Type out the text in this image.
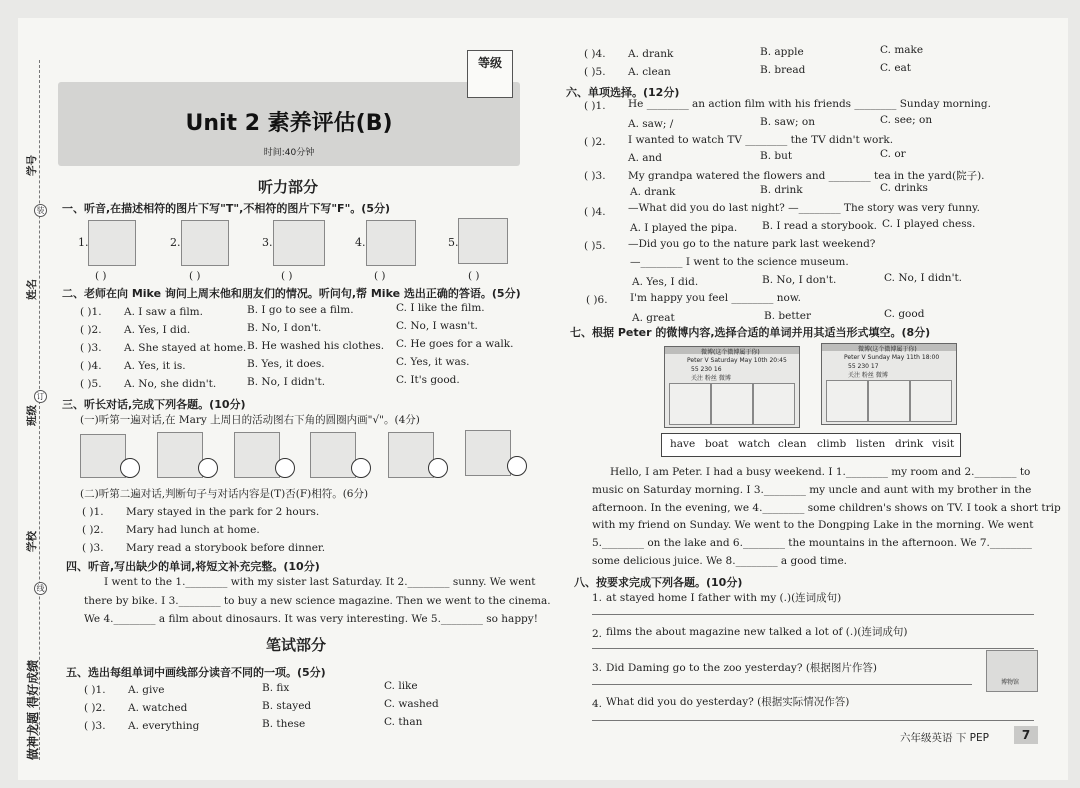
学号
姓名
班级
学校
做神龙题 得好成绩
装
订
线
Unit 2 素养评估(B)
时间:40分钟
等级
听力部分
一、听音,在描述相符的图片下写"T",不相符的图片下写"F"。(5分)
1.
( )
2.
( )
3.
( )
4.
( )
5.
( )
二、老师在向 Mike 询问上周末他和朋友们的情况。听问句,帮 Mike 选出正确的答语。(5分)
( )1. A. I saw a film.	B. I go to see a film.	C. I like the film.
( )2. A. Yes, I did.	B. No, I don't.	C. No, I wasn't.
( )3. A. She stayed at home. B. He washed his clothes. C. He goes for a walk.
( )4. A. Yes, it is.	B. Yes, it does.	C. Yes, it was.
( )5. A. No, she didn't.	B. No, I didn't.	C. It's good.
三、听长对话,完成下列各题。(10分)
(一)听第一遍对话,在 Mary 上周日的活动图右下角的圆圈内画"√"。(4分)
(二)听第二遍对话,判断句子与对话内容是(T)否(F)相符。(6分)
( )1. Mary stayed in the park for 2 hours.
( )2. Mary had lunch at home.
( )3. Mary read a storybook before dinner.
四、听音,写出缺少的单词,将短文补充完整。(10分)
I went to the 1.________ with my sister last Saturday. It 2.________ sunny. We went
there by bike. I 3.________ to buy a new science magazine. Then we went to the cinema.
We 4.________ a film about dinosaurs. It was very interesting. We 5.________ so happy!
笔试部分
五、选出每组单词中画线部分读音不同的一项。(5分)
( )1. A. give	B. fix	C. like
( )2. A. watched	B. stayed	C. washed
( )3. A. everything	B. these	C. than
( )4. A. drank	B. apple	C. make
( )5. A. clean	B. bread	C. eat
六、单项选择。(12分)
( )1. He ________ an action film with his friends ________ Sunday morning.
A. saw; /	B. saw; on	C. see; on
( )2. I wanted to watch TV ________ the TV didn't work.
A. and	B. but	C. or
( )3. My grandpa watered the flowers and ________ tea in the yard(院子).
A. drank	B. drink	C. drinks
( )4. —What did you do last night? —________ The story was very funny.
A. I played the pipa. B. I read a storybook. C. I played chess.
( )5. —Did you go to the nature park last weekend?
—________ I went to the science museum.
A. Yes, I did.	B. No, I don't.	C. No, I didn't.
( )6. I'm happy you feel ________ now.
A. great	B. better	C. good
七、根据 Peter 的微博内容,选择合适的单词并用其适当形式填空。(8分)
微博(这个微博属于你)
Peter V Saturday May 10th 20:45
55 230 16
关注 粉丝 微博
微博(这个微博属于你)
Peter V Sunday May 11th 18:00
55 230 17
关注 粉丝 微博
have boat watch clean climb listen drink visit
Hello, I am Peter. I had a busy weekend. I 1.________ my room and 2.________ to
music on Saturday morning. I 3.________ my uncle and aunt with my brother in the
afternoon. In the evening, we 4.________ some children's shows on TV. I took a short trip
with my friend on Sunday. We went to the Dongping Lake in the morning. We went
5.________ on the lake and 6.________ the mountains in the afternoon. We 7.________
some delicious juice. We 8.________ a good time.
八、按要求完成下列各题。(10分)
1. at stayed home I father with my (.)(连词成句)
2. films the about magazine new talked a lot of (.)(连词成句)
3. Did Daming go to the zoo yesterday? (根据图片作答)
博物馆
4. What did you do yesterday? (根据实际情况作答)
六年级英语 下 PEP	7
